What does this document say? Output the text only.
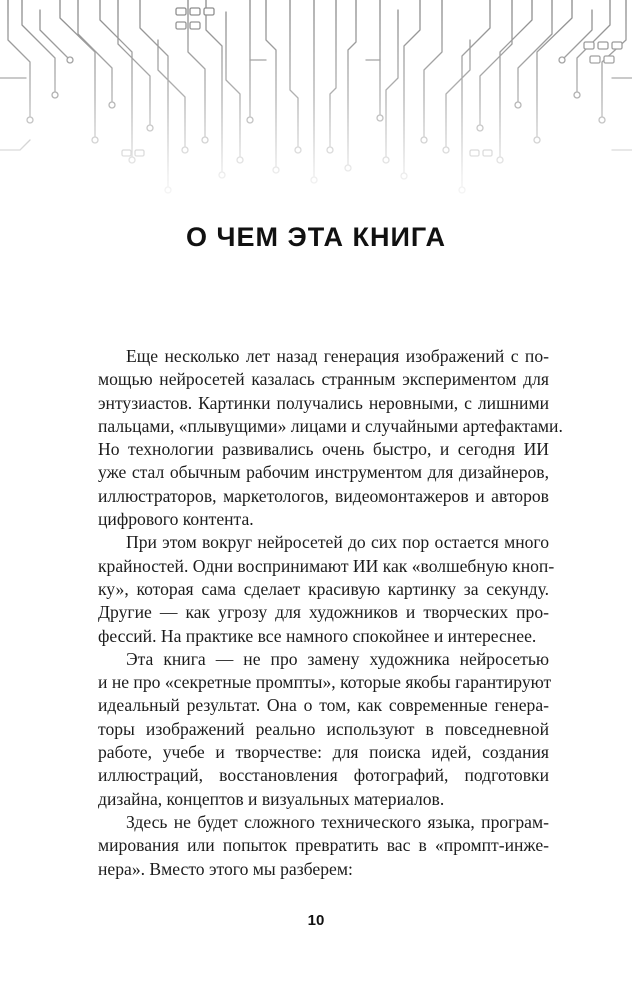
О ЧЕМ ЭТА КНИГА
Еще несколько лет назад генерация изображений с по-
мощью нейросетей казалась странным экспериментом для
энтузиастов. Картинки получались неровными, с лишними
пальцами, «плывущими» лицами и случайными артефактами.
Но технологии развивались очень быстро, и сегодня ИИ
уже стал обычным рабочим инструментом для дизайнеров,
иллюстраторов, маркетологов, видеомонтажеров и авторов
цифрового контента.
При этом вокруг нейросетей до сих пор остается много
крайностей. Одни воспринимают ИИ как «волшебную кноп-
ку», которая сама сделает красивую картинку за секунду.
Другие — как угрозу для художников и творческих про-
фессий. На практике все намного спокойнее и интереснее.
Эта книга — не про замену художника нейросетью
и не про «секретные промпты», которые якобы гарантируют
идеальный результат. Она о том, как современные генера-
торы изображений реально используют в повседневной
работе, учебе и творчестве: для поиска идей, создания
иллюстраций, восстановления фотографий, подготовки
дизайна, концептов и визуальных материалов.
Здесь не будет сложного технического языка, програм-
мирования или попыток превратить вас в «промпт-инже-
нера». Вместо этого мы разберем:
10
